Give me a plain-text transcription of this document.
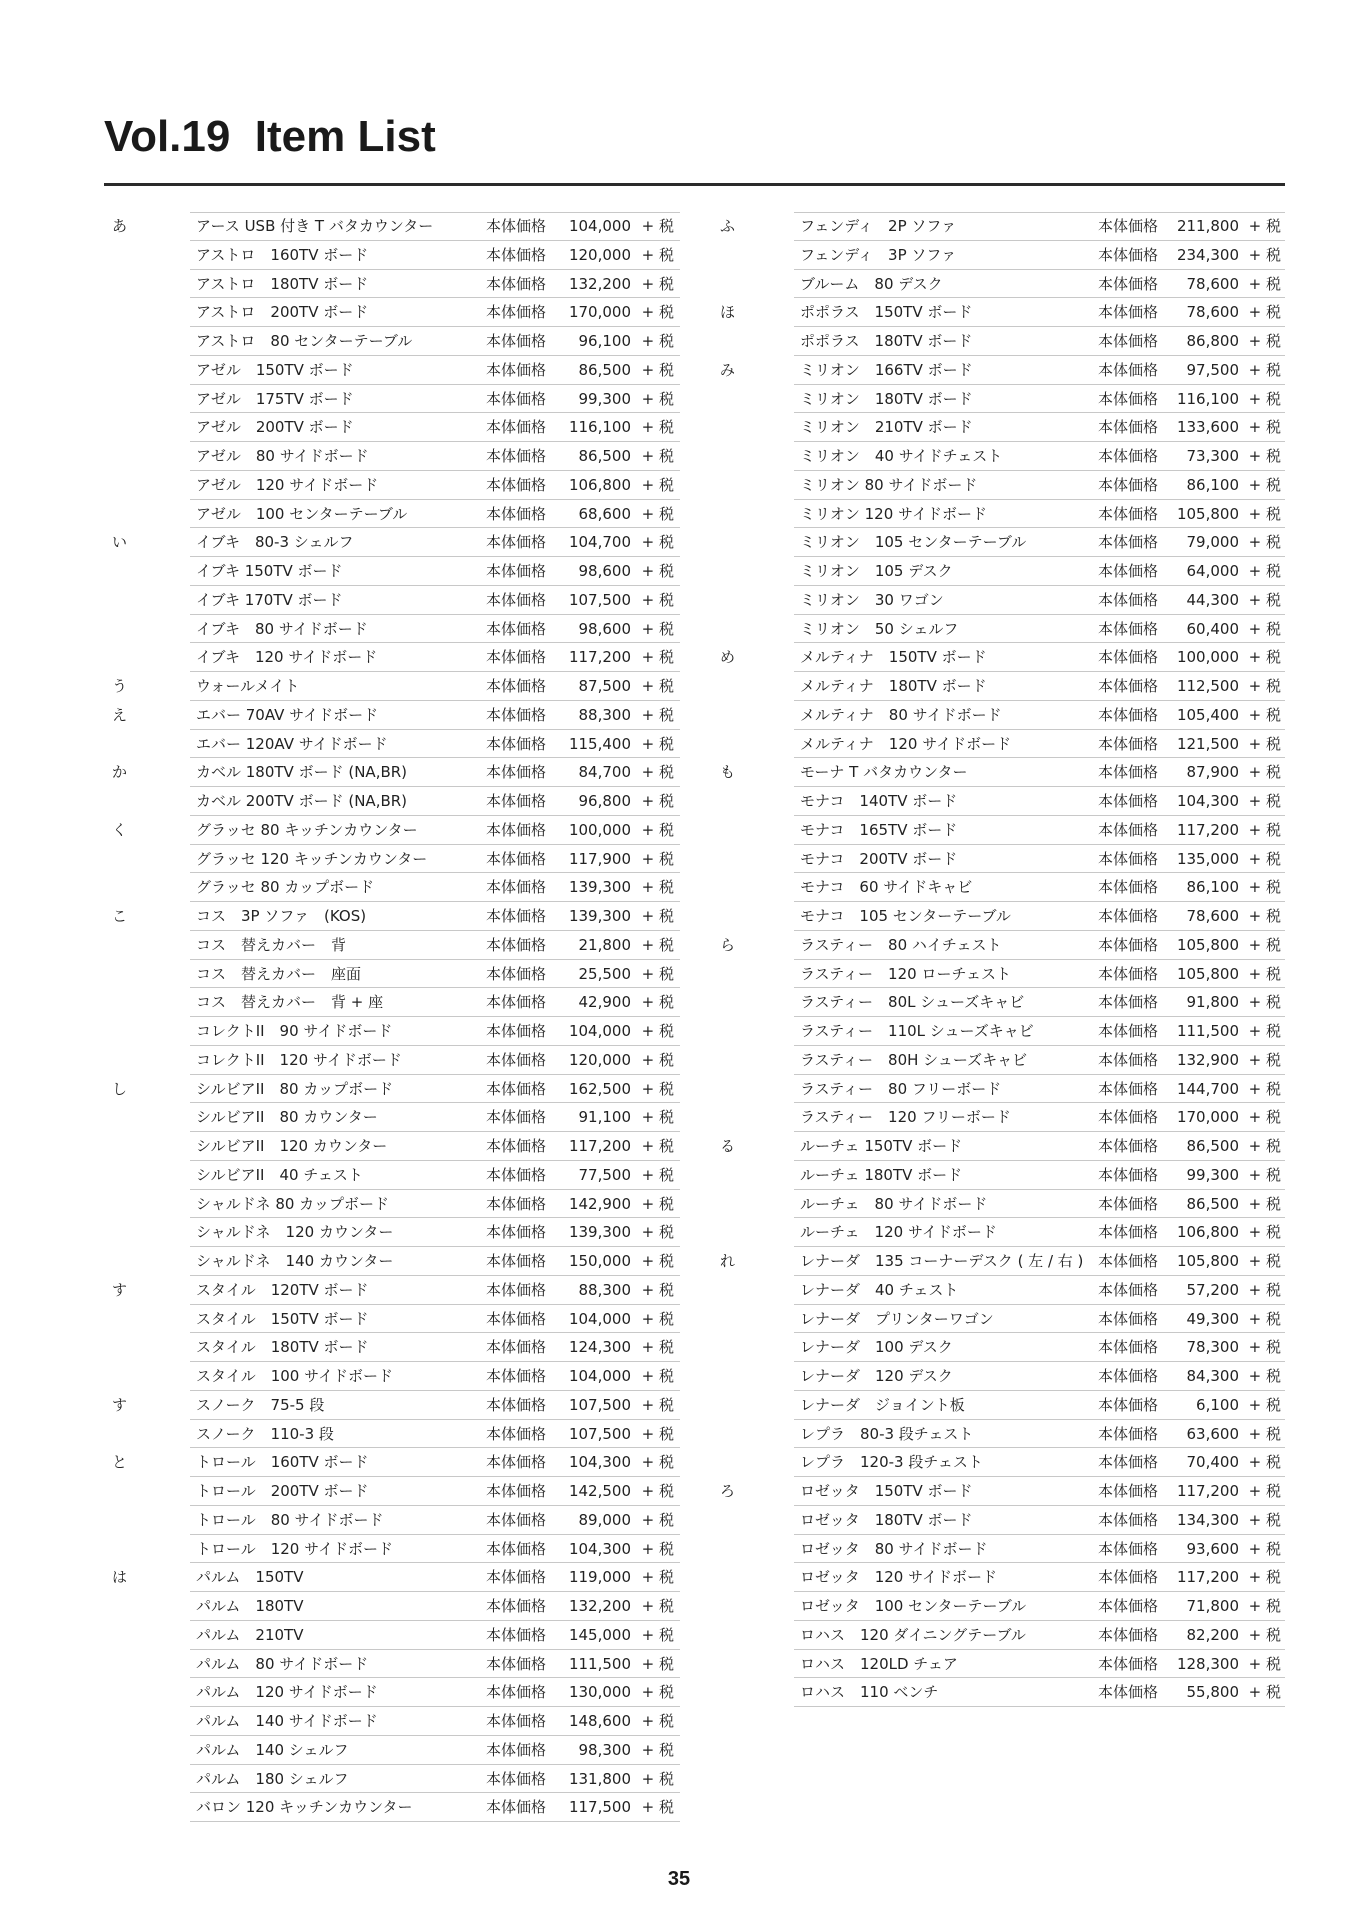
Vol.19  Item List
あ	アース USB 付き T バタカウンター	本体価格 104,000 + 税
アストロ　160TV ボード	本体価格 120,000 + 税
アストロ　180TV ボード	本体価格 132,200 + 税
アストロ　200TV ボード	本体価格 170,000 + 税
アストロ　80 センターテーブル	本体価格 96,100 + 税
アゼル　150TV ボード	本体価格 86,500 + 税
アゼル　175TV ボード	本体価格 99,300 + 税
アゼル　200TV ボード	本体価格 116,100 + 税
アゼル　80 サイドボード	本体価格 86,500 + 税
アゼル　120 サイドボード	本体価格 106,800 + 税
アゼル　100 センターテーブル	本体価格 68,600 + 税
い	イブキ　80-3 シェルフ	本体価格 104,700 + 税
イブキ 150TV ボード	本体価格 98,600 + 税
イブキ 170TV ボード	本体価格 107,500 + 税
イブキ　80 サイドボード	本体価格 98,600 + 税
イブキ　120 サイドボード	本体価格 117,200 + 税
う	ウォールメイト	本体価格 87,500 + 税
え	エバー 70AV サイドボード	本体価格 88,300 + 税
エバー 120AV サイドボード	本体価格 115,400 + 税
か	カベル 180TV ボード (NA,BR)	本体価格 84,700 + 税
カベル 200TV ボード (NA,BR)	本体価格 96,800 + 税
く	グラッセ 80 キッチンカウンター	本体価格 100,000 + 税
グラッセ 120 キッチンカウンター	本体価格 117,900 + 税
グラッセ 80 カップボード	本体価格 139,300 + 税
こ	コス　3P ソファ　(KOS)	本体価格 139,300 + 税
コス　替えカバー　背	本体価格 21,800 + 税
コス　替えカバー　座面	本体価格 25,500 + 税
コス　替えカバー　背 + 座	本体価格 42,900 + 税
コレクトII　90 サイドボード	本体価格 104,000 + 税
コレクトII　120 サイドボード	本体価格 120,000 + 税
し	シルビアII　80 カップボード	本体価格 162,500 + 税
シルビアII　80 カウンター	本体価格 91,100 + 税
シルビアII　120 カウンター	本体価格 117,200 + 税
シルビアII　40 チェスト	本体価格 77,500 + 税
シャルドネ 80 カップボード	本体価格 142,900 + 税
シャルドネ　120 カウンター	本体価格 139,300 + 税
シャルドネ　140 カウンター	本体価格 150,000 + 税
す	スタイル　120TV ボード	本体価格 88,300 + 税
スタイル　150TV ボード	本体価格 104,000 + 税
スタイル　180TV ボード	本体価格 124,300 + 税
スタイル　100 サイドボード	本体価格 104,000 + 税
す	スノーク　75-5 段	本体価格 107,500 + 税
スノーク　110-3 段	本体価格 107,500 + 税
と	トロール　160TV ボード	本体価格 104,300 + 税
トロール　200TV ボード	本体価格 142,500 + 税
トロール　80 サイドボード	本体価格 89,000 + 税
トロール　120 サイドボード	本体価格 104,300 + 税
は	パルム　150TV	本体価格 119,000 + 税
パルム　180TV	本体価格 132,200 + 税
パルム　210TV	本体価格 145,000 + 税
パルム　80 サイドボード	本体価格 111,500 + 税
パルム　120 サイドボード	本体価格 130,000 + 税
パルム　140 サイドボード	本体価格 148,600 + 税
パルム　140 シェルフ	本体価格 98,300 + 税
パルム　180 シェルフ	本体価格 131,800 + 税
バロン 120 キッチンカウンター	本体価格 117,500 + 税
ふ	フェンディ　2P ソファ	本体価格 211,800 + 税
フェンディ　3P ソファ	本体価格 234,300 + 税
ブルーム　80 デスク	本体価格 78,600 + 税
ほ	ポポラス　150TV ボード	本体価格 78,600 + 税
ポポラス　180TV ボード	本体価格 86,800 + 税
み	ミリオン　166TV ボード	本体価格 97,500 + 税
ミリオン　180TV ボード	本体価格 116,100 + 税
ミリオン　210TV ボード	本体価格 133,600 + 税
ミリオン　40 サイドチェスト	本体価格 73,300 + 税
ミリオン 80 サイドボード	本体価格 86,100 + 税
ミリオン 120 サイドボード	本体価格 105,800 + 税
ミリオン　105 センターテーブル	本体価格 79,000 + 税
ミリオン　105 デスク	本体価格 64,000 + 税
ミリオン　30 ワゴン	本体価格 44,300 + 税
ミリオン　50 シェルフ	本体価格 60,400 + 税
め	メルティナ　150TV ボード	本体価格 100,000 + 税
メルティナ　180TV ボード	本体価格 112,500 + 税
メルティナ　80 サイドボード	本体価格 105,400 + 税
メルティナ　120 サイドボード	本体価格 121,500 + 税
も	モーナ T バタカウンター	本体価格 87,900 + 税
モナコ　140TV ボード	本体価格 104,300 + 税
モナコ　165TV ボード	本体価格 117,200 + 税
モナコ　200TV ボード	本体価格 135,000 + 税
モナコ　60 サイドキャビ	本体価格 86,100 + 税
モナコ　105 センターテーブル	本体価格 78,600 + 税
ら	ラスティー　80 ハイチェスト	本体価格 105,800 + 税
ラスティー　120 ローチェスト	本体価格 105,800 + 税
ラスティー　80L シューズキャビ	本体価格 91,800 + 税
ラスティー　110L シューズキャビ	本体価格 111,500 + 税
ラスティー　80H シューズキャビ	本体価格 132,900 + 税
ラスティー　80 フリーボード	本体価格 144,700 + 税
ラスティー　120 フリーボード	本体価格 170,000 + 税
る	ルーチェ 150TV ボード	本体価格 86,500 + 税
ルーチェ 180TV ボード	本体価格 99,300 + 税
ルーチェ　80 サイドボード	本体価格 86,500 + 税
ルーチェ　120 サイドボード	本体価格 106,800 + 税
れ	レナーダ　135 コーナーデスク ( 左 / 右 ) 本体価格 105,800 + 税
レナーダ　40 チェスト	本体価格 57,200 + 税
レナーダ　プリンターワゴン	本体価格 49,300 + 税
レナーダ　100 デスク	本体価格 78,300 + 税
レナーダ　120 デスク	本体価格 84,300 + 税
レナーダ　ジョイント板	本体価格	6,100 + 税
レプラ　80-3 段チェスト	本体価格 63,600 + 税
レプラ　120-3 段チェスト	本体価格 70,400 + 税
ろ	ロゼッタ　150TV ボード	本体価格 117,200 + 税
ロゼッタ　180TV ボード	本体価格 134,300 + 税
ロゼッタ　80 サイドボード	本体価格 93,600 + 税
ロゼッタ　120 サイドボード	本体価格 117,200 + 税
ロゼッタ　100 センターテーブル	本体価格 71,800 + 税
ロハス　120 ダイニングテーブル	本体価格 82,200 + 税
ロハス　120LD チェア	本体価格 128,300 + 税
ロハス　110 ベンチ	本体価格 55,800 + 税
35
